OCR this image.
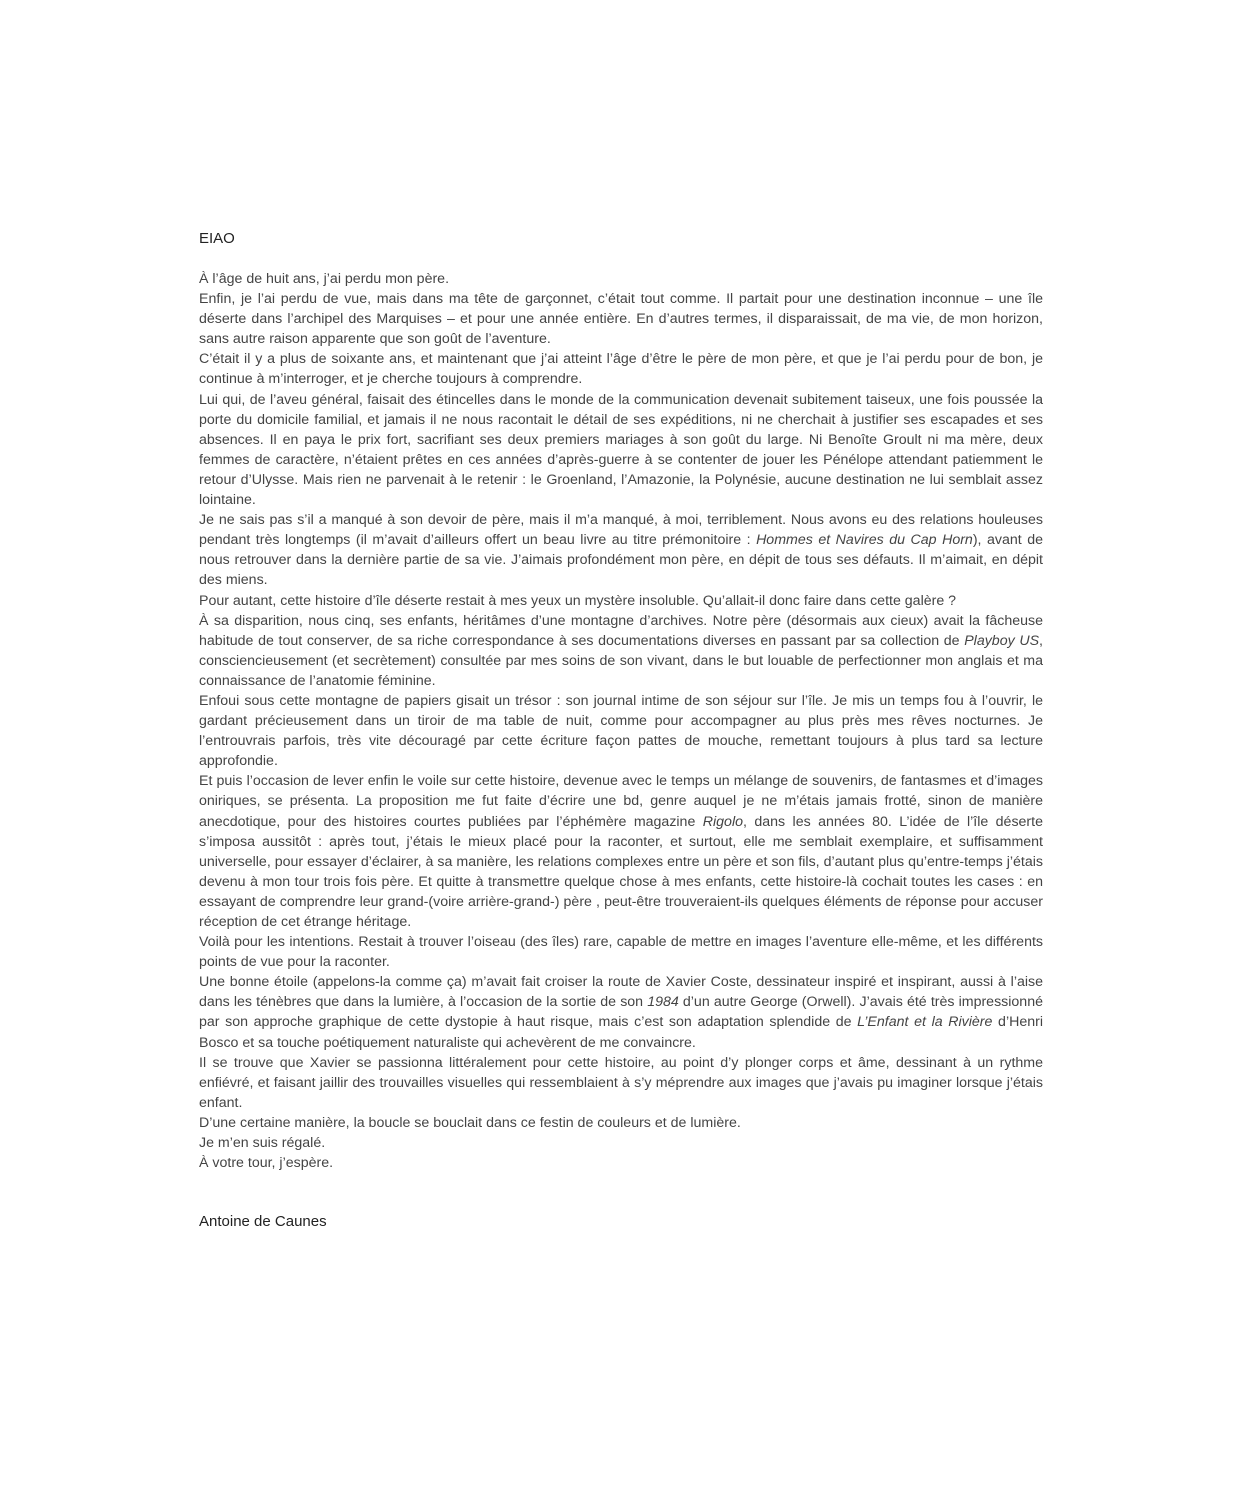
EIAO

À l’âge de huit ans, j’ai perdu mon père.

Enfin, je l’ai perdu de vue, mais dans ma tête de garçonnet, c’était tout comme. Il partait pour une destination inconnue – une île déserte dans l’archipel des Marquises – et pour une année entière. En d’autres termes, il disparaissait, de ma vie, de mon horizon, sans autre raison apparente que son goût de l’aventure.

C’était il y a plus de soixante ans, et maintenant que j’ai atteint l’âge d’être le père de mon père, et que je l’ai perdu pour de bon, je continue à m’interroger, et je cherche toujours à comprendre.

Lui qui, de l’aveu général, faisait des étincelles dans le monde de la communication devenait subitement taiseux, une fois poussée la porte du domicile familial, et jamais il ne nous racontait le détail de ses expéditions, ni ne cherchait à justifier ses escapades et ses absences. Il en paya le prix fort, sacrifiant ses deux premiers mariages à son goût du large. Ni Benoîte Groult ni ma mère, deux femmes de caractère, n’étaient prêtes en ces années d’après-guerre à se contenter de jouer les Pénélope attendant patiemment le retour d’Ulysse. Mais rien ne parvenait à le retenir : le Groenland, l’Amazonie, la Polynésie, aucune destination ne lui semblait assez lointaine.

Je ne sais pas s’il a manqué à son devoir de père, mais il m’a manqué, à moi, terriblement. Nous avons eu des relations houleuses pendant très longtemps (il m’avait d’ailleurs offert un beau livre au titre prémonitoire : Hommes et Navires du Cap Horn), avant de nous retrouver dans la dernière partie de sa vie. J’aimais profondément mon père, en dépit de tous ses défauts. Il m’aimait, en dépit des miens.

Pour autant, cette histoire d’île déserte restait à mes yeux un mystère insoluble. Qu’allait-il donc faire dans cette galère ?

À sa disparition, nous cinq, ses enfants, héritâmes d’une montagne d’archives. Notre père (désormais aux cieux) avait la fâcheuse habitude de tout conserver, de sa riche correspondance à ses documentations diverses en passant par sa collection de Playboy US, consciencieusement (et secrètement) consultée par mes soins de son vivant, dans le but louable de perfectionner mon anglais et ma connaissance de l’anatomie féminine.

Enfoui sous cette montagne de papiers gisait un trésor : son journal intime de son séjour sur l’île. Je mis un temps fou à l’ouvrir, le gardant précieusement dans un tiroir de ma table de nuit, comme pour accompagner au plus près mes rêves nocturnes. Je l’entrouvrais parfois, très vite découragé par cette écriture façon pattes de mouche, remettant toujours à plus tard sa lecture approfondie.

Et puis l’occasion de lever enfin le voile sur cette histoire, devenue avec le temps un mélange de souvenirs, de fantasmes et d’images oniriques, se présenta. La proposition me fut faite d’écrire une bd, genre auquel je ne m’étais jamais frotté, sinon de manière anecdotique, pour des histoires courtes publiées par l’éphémère magazine Rigolo, dans les années 80. L’idée de l’île déserte s’imposa aussitôt : après tout, j’étais le mieux placé pour la raconter, et surtout, elle me semblait exemplaire, et suffisamment universelle, pour essayer d’éclairer, à sa manière, les relations complexes entre un père et son fils, d’autant plus qu’entre-temps j’étais devenu à mon tour trois fois père. Et quitte à transmettre quelque chose à mes enfants, cette histoire-là cochait toutes les cases : en essayant de comprendre leur grand-(voire arrière-grand-) père , peut-être trouveraient-ils quelques éléments de réponse pour accuser réception de cet étrange héritage.

Voilà pour les intentions. Restait à trouver l’oiseau (des îles) rare, capable de mettre en images l’aventure elle-même, et les différents points de vue pour la raconter.

Une bonne étoile (appelons-la comme ça) m’avait fait croiser la route de Xavier Coste, dessinateur inspiré et inspirant, aussi à l’aise dans les ténèbres que dans la lumière, à l’occasion de la sortie de son 1984 d’un autre George (Orwell). J’avais été très impressionné par son approche graphique de cette dystopie à haut risque, mais c’est son adaptation splendide de L’Enfant et la Rivière d’Henri Bosco et sa touche poétiquement naturaliste qui achevèrent de me convaincre.

Il se trouve que Xavier se passionna littéralement pour cette histoire, au point d’y plonger corps et âme, dessinant à un rythme enfiévré, et faisant jaillir des trouvailles visuelles qui ressemblaient à s’y méprendre aux images que j’avais pu imaginer lorsque j’étais enfant.

D’une certaine manière, la boucle se bouclait dans ce festin de couleurs et de lumière.

Je m’en suis régalé.

À votre tour, j’espère.

Antoine de Caunes
